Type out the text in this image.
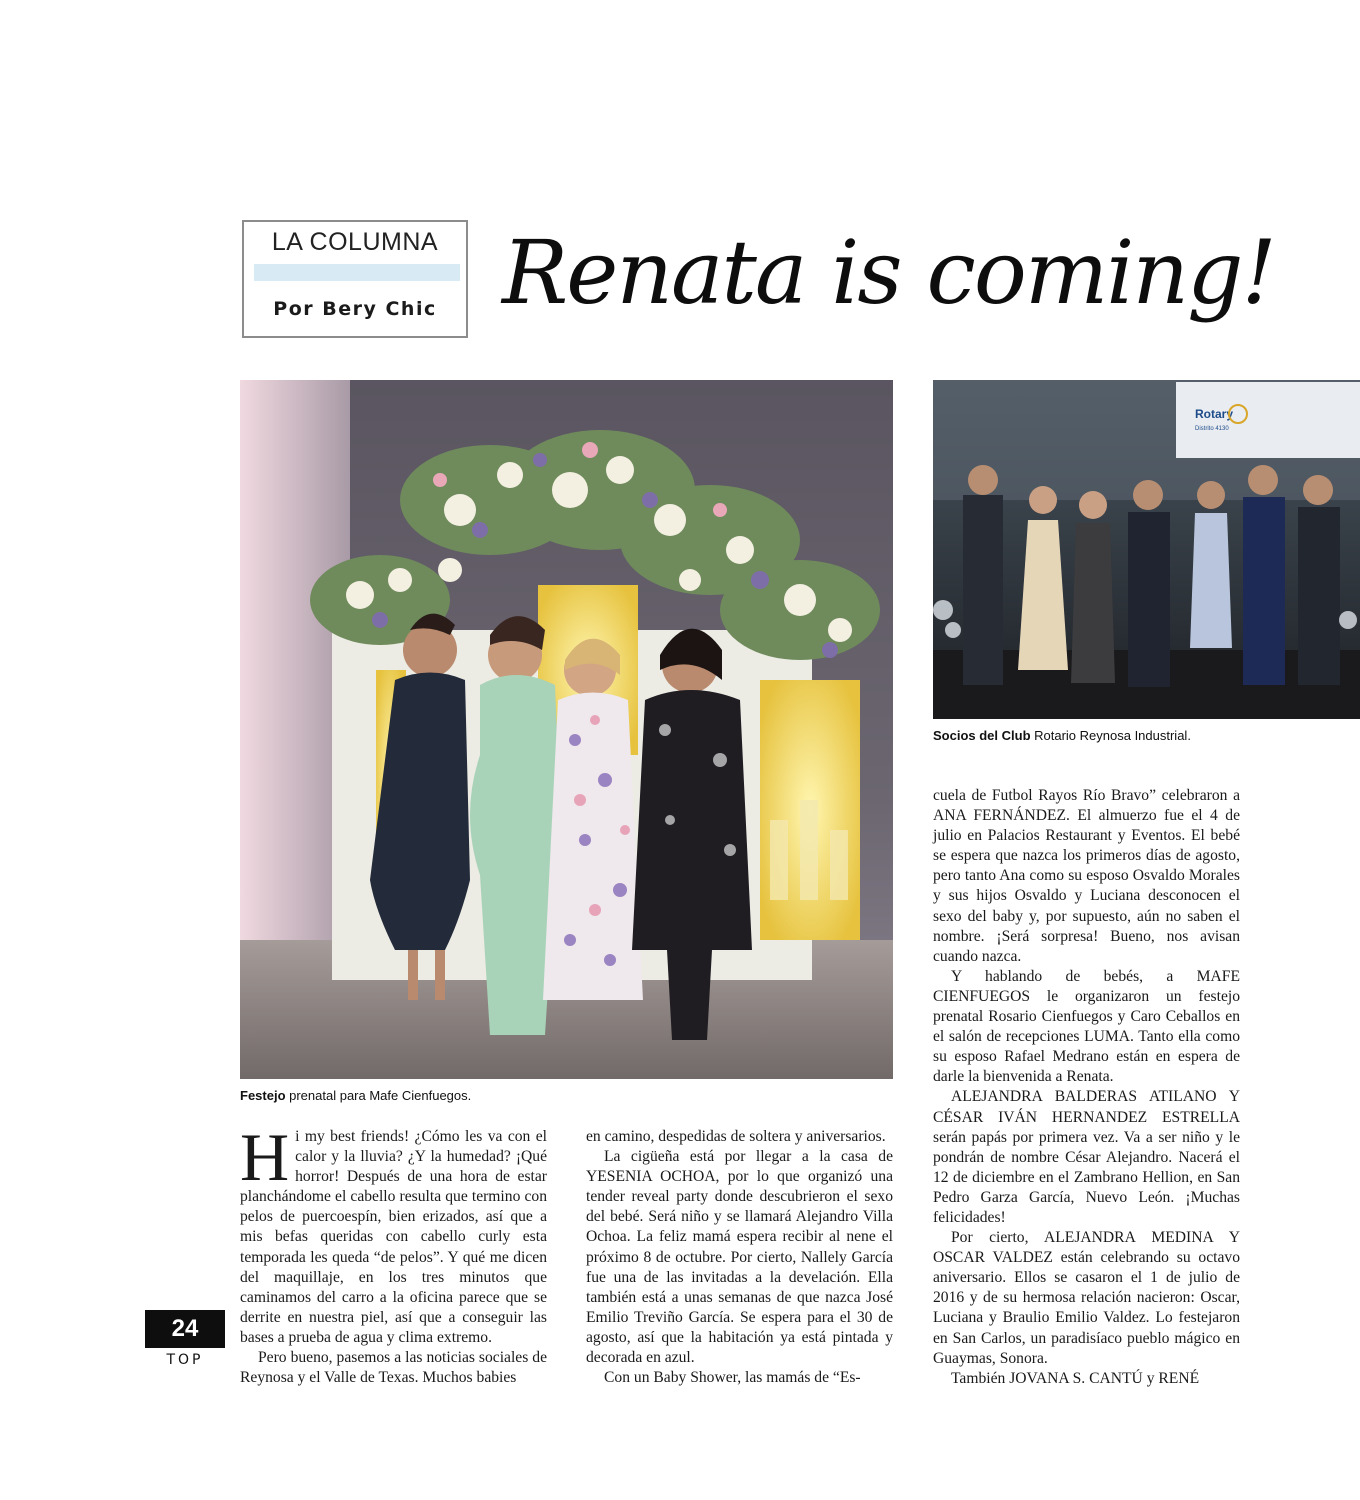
LA COLUMNA
Por Bery Chic Renata is coming!
Festejo prenatal para Mafe Cienfuegos.
Rotary
Distrito 4130
Socios del Club Rotario Reynosa Industrial.

Hi my best friends! ¿Cómo les va con el calor y la lluvia? ¿Y la humedad? ¡Qué horror! Después de una hora de estar planchándome el cabello resulta que termino con pelos de puercoespín, bien erizados, así que a mis befas queridas con cabello curly esta temporada les queda “de pelos”. Y qué me dicen del maquillaje, en los tres minutos que caminamos del carro a la oficina parece que se derrite en nuestra piel, así que a conseguir las bases a prueba de agua y clima extremo.

Pero bueno, pasemos a las noticias sociales de Reynosa y el Valle de Texas. Muchos babies

en camino, despedidas de soltera y aniversarios.

La cigüeña está por llegar a la casa de YESENIA OCHOA, por lo que organizó una tender reveal party donde descubrieron el sexo del bebé. Será niño y se llamará Alejandro Villa Ochoa. La feliz mamá espera recibir al nene el próximo 8 de octubre. Por cierto, Nallely García fue una de las invitadas a la develación. Ella también está a unas semanas de que nazca José Emilio Treviño García. Se espera para el 30 de agosto, así que la habitación ya está pintada y decorada en azul.

Con un Baby Shower, las mamás de “Es-

cuela de Futbol Rayos Río Bravo” celebraron a ANA FERNÁNDEZ. El almuerzo fue el 4 de julio en Palacios Restaurant y Eventos. El bebé se espera que nazca los primeros días de agosto, pero tanto Ana como su esposo Osvaldo Morales y sus hijos Osvaldo y Luciana desconocen el sexo del baby y, por supuesto, aún no saben el nombre. ¡Será sorpresa! Bueno, nos avisan cuando nazca.

Y hablando de bebés, a MAFE CIENFUEGOS le organizaron un festejo prenatal Rosario Cienfuegos y Caro Ceballos en el salón de recepciones LUMA. Tanto ella como su esposo Rafael Medrano están en espera de darle la bienvenida a Renata.

ALEJANDRA BALDERAS ATILANO Y CÉSAR IVÁN HERNANDEZ ESTRELLA serán papás por primera vez. Va a ser niño y le pondrán de nombre César Alejandro. Nacerá el 12 de diciembre en el Zambrano Hellion, en San Pedro Garza García, Nuevo León. ¡Muchas felicidades!

Por cierto, ALEJANDRA MEDINA Y OSCAR VALDEZ están celebrando su octavo aniversario. Ellos se casaron el 1 de julio de 2016 y de su hermosa relación nacieron: Oscar, Luciana y Braulio Emilio Valdez. Lo festejaron en San Carlos, un paradisíaco pueblo mágico en Guaymas, Sonora.

También JOVANA S. CANTÚ y RENÉ

24
TOP
